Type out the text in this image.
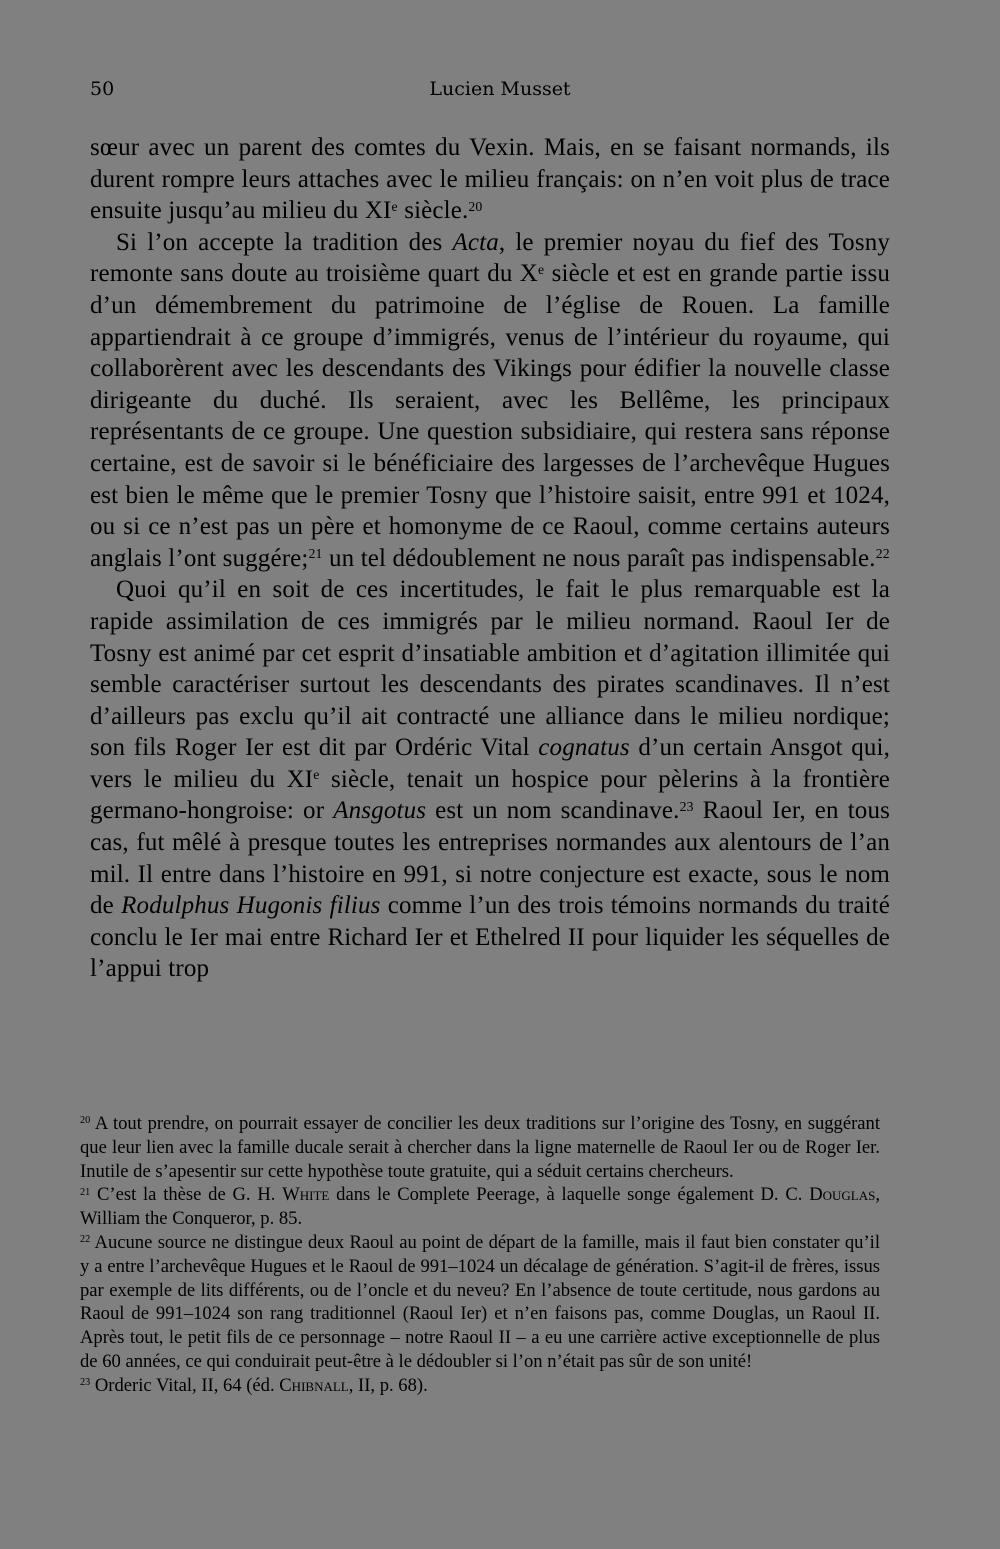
50	Lucien Musset

sœur avec un parent des comtes du Vexin. Mais, en se faisant normands, ils durent rompre leurs attaches avec le milieu français: on n’en voit plus de trace ensuite jusqu’au milieu du XIe siècle.$^{20}$

Si l’on accepte la tradition des Acta, le premier noyau du fief des Tosny remonte sans doute au troisième quart du Xe siècle et est en grande partie issu d’un démembrement du patrimoine de l’église de Rouen. La famille appartiendrait à ce groupe d’immigrés, venus de l’intérieur du royaume, qui collaborèrent avec les descendants des Vikings pour édifier la nouvelle classe dirigeante du duché. Ils seraient, avec les Bellême, les principaux représentants de ce groupe. Une question subsidiaire, qui restera sans réponse certaine, est de savoir si le bénéficiaire des largesses de l’archevêque Hugues est bien le même que le premier Tosny que l’histoire saisit, entre 991 et 1024, ou si ce n’est pas un père et homonyme de ce Raoul, comme certains auteurs anglais l’ont suggére;$^{21}$ un tel dédoublement ne nous paraît pas indispensable.$^{22}$

Quoi qu’il en soit de ces incertitudes, le fait le plus remarquable est la rapide assimilation de ces immigrés par le milieu normand. Raoul Ier de Tosny est animé par cet esprit d’insatiable ambition et d’agitation illimitée qui semble caractériser surtout les descendants des pirates scandinaves. Il n’est d’ailleurs pas exclu qu’il ait contracté une alliance dans le milieu nordique; son fils Roger Ier est dit par Ordéric Vital cognatus d’un certain Ansgot qui, vers le milieu du XIe siècle, tenait un hospice pour pèlerins à la frontière germano-hongroise: or Ansgotus est un nom scandinave.$^{23}$ Raoul Ier, en tous cas, fut mêlé à presque toutes les entreprises normandes aux alentours de l’an mil. Il entre dans l’histoire en 991, si notre conjecture est exacte, sous le nom de Rodulphus Hugonis filius comme l’un des trois témoins normands du traité conclu le Ier mai entre Richard Ier et Ethelred II pour liquider les séquelles de l’appui trop

$^{20}$ A tout prendre, on pourrait essayer de concilier les deux traditions sur l’origine des Tosny, en suggérant que leur lien avec la famille ducale serait à chercher dans la ligne maternelle de Raoul Ier ou de Roger Ier. Inutile de s’apesentir sur cette hypothèse toute gratuite, qui a séduit certains chercheurs.

$^{21}$ C’est la thèse de G. H. White dans le Complete Peerage, à laquelle songe également D. C. Douglas, William the Conqueror, p. 85.

$^{22}$ Aucune source ne distingue deux Raoul au point de départ de la famille, mais il faut bien constater qu’il y a entre l’archevêque Hugues et le Raoul de 991–1024 un décalage de génération. S’agit-il de frères, issus par exemple de lits différents, ou de l’oncle et du neveu? En l’absence de toute certitude, nous gardons au Raoul de 991–1024 son rang traditionnel (Raoul Ier) et n’en faisons pas, comme Douglas, un Raoul II. Après tout, le petit fils de ce personnage – notre Raoul II – a eu une carrière active exceptionnelle de plus de 60 années, ce qui conduirait peut-être à le dédoubler si l’on n’était pas sûr de son unité!

$^{23}$ Orderic Vital, II, 64 (éd. Chibnall, II, p. 68).
